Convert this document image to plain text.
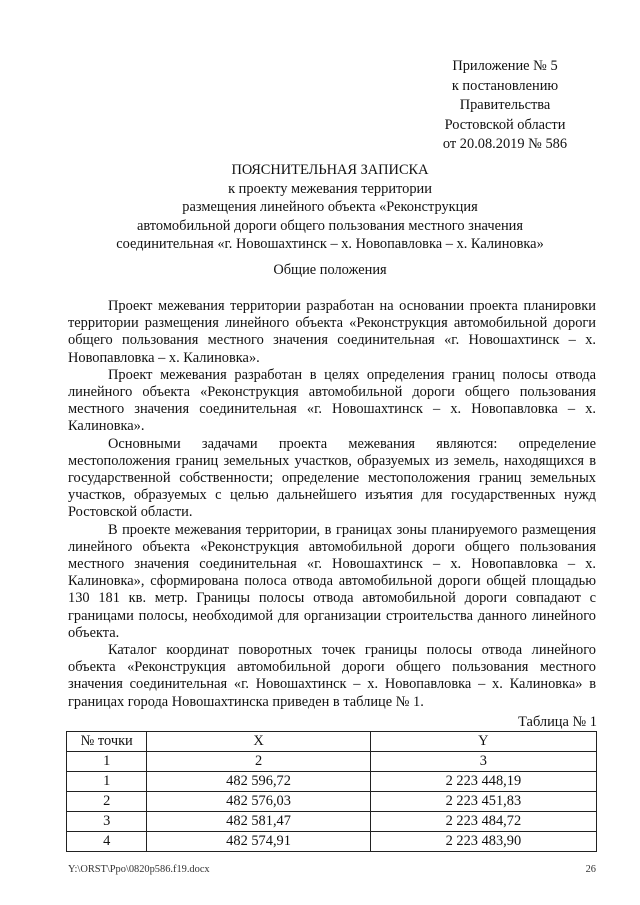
Приложение № 5
к постановлению
Правительства
Ростовской области
от 20.08.2019 № 586
ПОЯСНИТЕЛЬНАЯ ЗАПИСКА
к проекту межевания территории
размещения линейного объекта «Реконструкция
автомобильной дороги общего пользования местного значения
соединительная «г. Новошахтинск – х. Новопавловка – х. Калиновка»
Общие положения

Проект межевания территории разработан на основании проекта планировки территории размещения линейного объекта «Реконструкция автомобильной дороги общего пользования местного значения соединительная «г. Новошахтинск – х. Новопавловка – х. Калиновка».

Проект межевания разработан в целях определения границ полосы отвода линейного объекта «Реконструкция автомобильной дороги общего пользования местного значения соединительная «г. Новошахтинск – х. Новопавловка – х. Калиновка».

Основными задачами проекта межевания являются: определение местоположения границ земельных участков, образуемых из земель, находящихся в государственной собственности; определение местоположения границ земельных участков, образуемых с целью дальнейшего изъятия для государственных нужд Ростовской области.

В проекте межевания территории, в границах зоны планируемого размещения линейного объекта «Реконструкция автомобильной дороги общего пользования местного значения соединительная «г. Новошахтинск – х. Новопавловка – х. Калиновка», сформирована полоса отвода автомобильной дороги общей площадью 130 181 кв. метр. Границы полосы отвода автомобильной дороги совпадают с границами полосы, необходимой для организации строительства данного линейного объекта.

Каталог координат поворотных точек границы полосы отвода линейного объекта «Реконструкция автомобильной дороги общего пользования местного значения соединительная «г. Новошахтинск – х. Новопавловка – х. Калиновка» в границах города Новошахтинска приведен в таблице № 1.

Таблица № 1
№ точки	X	Y
1	2	3
1	482 596,72	2 223 448,19
2	482 576,03	2 223 451,83
3	482 581,47	2 223 484,72
4	482 574,91	2 223 483,90
Y:\ORST\Ppo\0820p586.f19.docx	26
